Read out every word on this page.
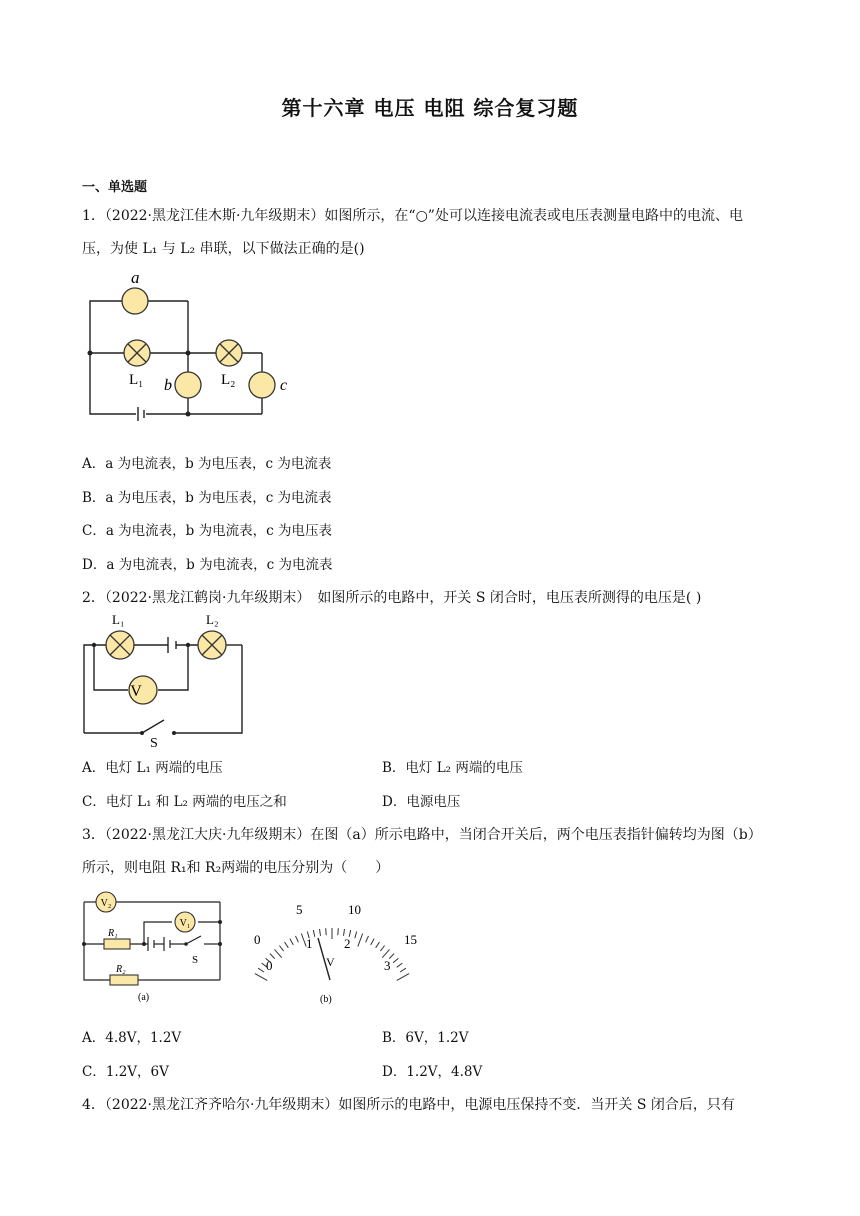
第十六章 电压 电阻 综合复习题
一、单选题
1．（2022·黑龙江佳木斯·九年级期末）如图所示，在“○”处可以连接电流表或电压表测量电路中的电流、电
压，为使 L₁ 与 L₂ 串联，以下做法正确的是()
a
L₁ b	L₂	c
A．a 为电流表，b 为电压表，c 为电流表
B．a 为电压表，b 为电压表，c 为电流表
C．a 为电流表，b 为电流表，c 为电压表
D．a 为电流表，b 为电流表，c 为电流表
2．（2022·黑龙江鹤岗·九年级期末）　如图所示的电路中，开关 S 闭合时，电压表所测得的电压是( )
V
L₁	L₂
S
A．电灯 L₁ 两端的电压	B．电灯 L₂ 两端的电压
C．电灯 L₁ 和 L₂ 两端的电压之和	D．电源电压
3．（2022·黑龙江大庆·九年级期末）在图（a）所示电路中，当闭合开关后，两个电压表指针偏转均为图（b）
所示，则电阻 R₁和 R₂两端的电压分别为（　　）
V₂
V₁
R₁
R₂
S
(a)
0
5	10
15
0
1 2
3
V
(b)
A．4.8V，1.2V	B．6V，1.2V
C．1.2V，6V	D．1.2V，4.8V
4．（2022·黑龙江齐齐哈尔·九年级期末）如图所示的电路中，电源电压保持不变．当开关 S 闭合后，只有
